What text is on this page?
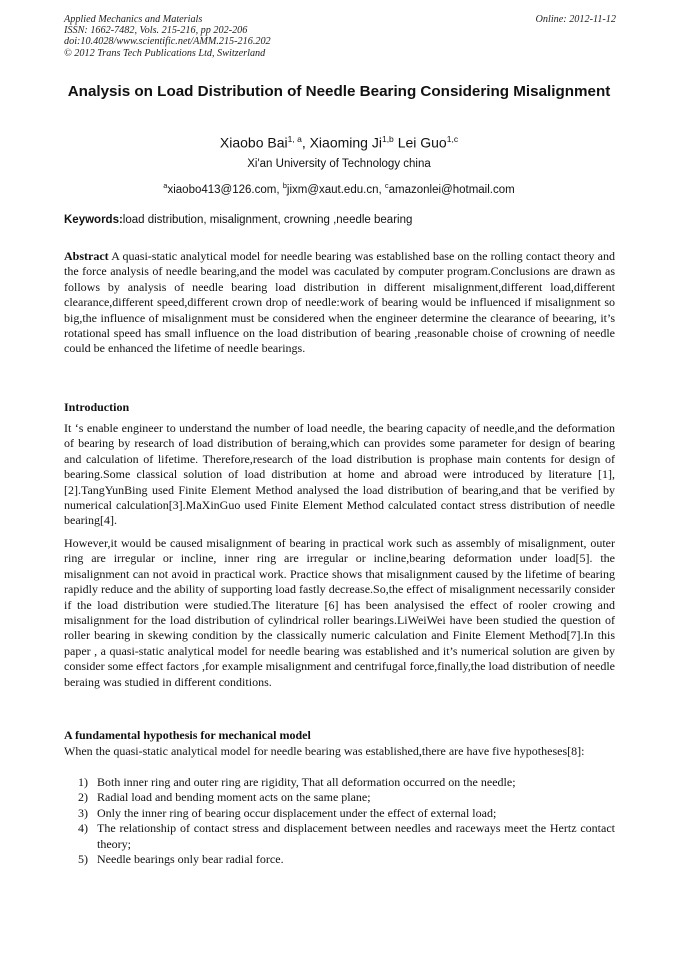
Applied Mechanics and Materials
ISSN: 1662-7482, Vols. 215-216, pp 202-206
doi:10.4028/www.scientific.net/AMM.215-216.202
© 2012 Trans Tech Publications Ltd, Switzerland
Online: 2012-11-12
Analysis on Load Distribution of Needle Bearing Considering Misalignment
Xiaobo Bai$^{1, a}$, Xiaoming Ji$^{1,b}$ Lei Guo$^{1,c}$
Xi'an University of Technology china
$^a$xiaobo413@126.com, $^b$jixm@xaut.edu.cn, $^c$amazonlei@hotmail.com
Keywords:load distribution, misalignment, crowning ,needle bearing
Abstract A quasi-static analytical model for needle bearing was established base on the rolling contact theory and the force analysis of needle bearing,and the model was caculated by computer program.Conclusions are drawn as follows by analysis of needle bearing load distribution in different misalignment,different load,different clearance,different speed,different crown drop of needle:work of bearing would be influenced if misalignment so big,the influence of misalignment must be considered when the engineer determine the clearance of beearing, it’s rotational speed has small influence on the load distribution of bearing ,reasonable choise of crowning of needle could be enhanced the lifetime of needle bearings.
Introduction
It ‘s enable engineer to understand the number of load needle, the bearing capacity of needle,and the deformation of bearing by research of load distribution of beraing,which can provides some parameter for design of bearing and calculation of lifetime. Therefore,research of the load distribution is prophase main contents for design of bearing.Some classical solution of load distribution at home and abroad were introduced by literature [1],[2].TangYunBing used Finite Element Method analysed the load distribution of bearing,and that be verified by numerical calculation[3].MaXinGuo used Finite Element Method calculated contact stress distribution of needle bearing[4].
However,it would be caused misalignment of bearing in practical work such as assembly of misalignment, outer ring are irregular or incline, inner ring are irregular or incline,bearing deformation under load[5]. the misalignment can not avoid in practical work. Practice shows that misalignment caused by the lifetime of bearing rapidly reduce and the ability of supporting load fastly decrease.So,the effect of misalignment necessarily consider if the load distribution were studied.The literature [6] has been analysised the effect of rooler crowing and misalignment for the load distribution of cylindrical roller bearings.LiWeiWei have been studied the question of roller bearing in skewing condition by the classically numeric calculation and Finite Element Method[7].In this paper , a quasi-static analytical model for needle bearing was established and it’s numerical solution are given by consider some effect factors ,for example misalignment and centrifugal force,finally,the load distribution of needle beraing was studied in different conditions.
A fundamental hypothesis for mechanical model
When the quasi-static analytical model for needle bearing was established,there are have five hypotheses[8]:
1) Both inner ring and outer ring are rigidity, That all deformation occurred on the needle;
2) Radial load and bending moment acts on the same plane;
3) Only the inner ring of bearing occur displacement under the effect of external load;
4) The relationship of contact stress and displacement between needles and raceways meet the Hertz contact theory;
5) Needle bearings only bear radial force.
